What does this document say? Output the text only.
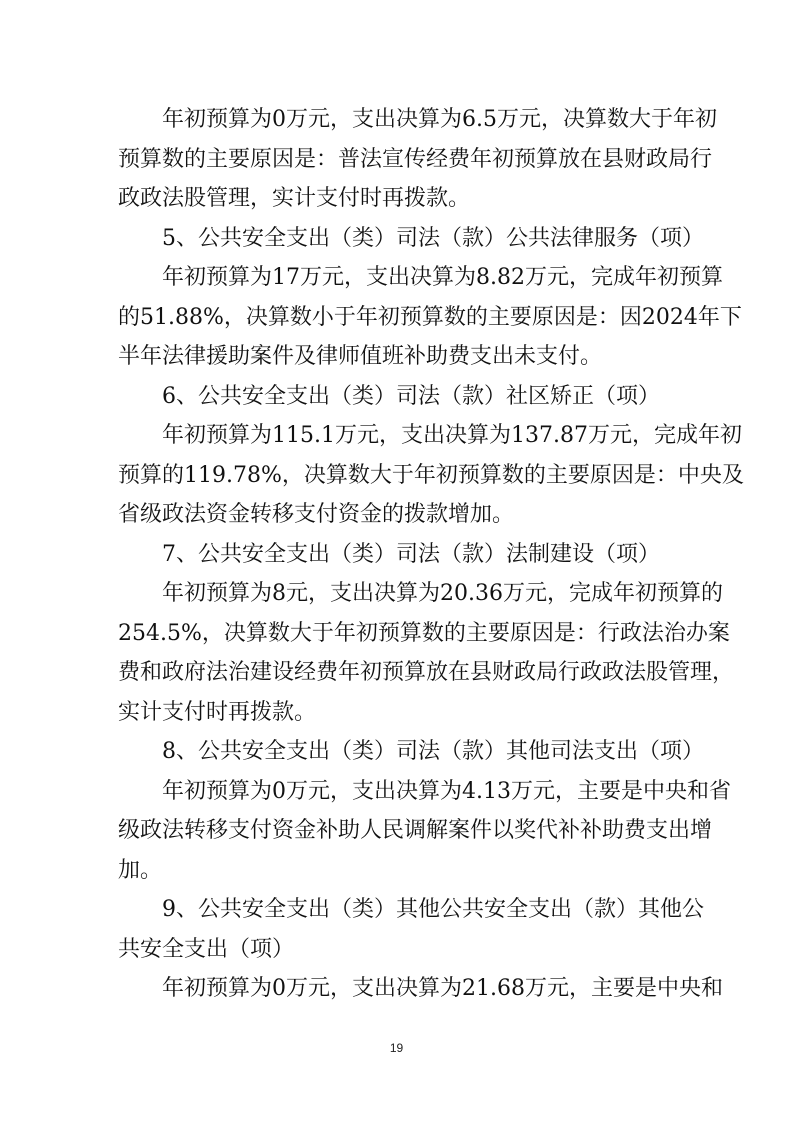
年初预算为0万元，支出决算为6.5万元，决算数大于年初
预算数的主要原因是：普法宣传经费年初预算放在县财政局行
政政法股管理，实计支付时再拨款。
5、公共安全支出（类）司法（款）公共法律服务（项）
年初预算为17万元，支出决算为8.82万元，完成年初预算
的51.88%，决算数小于年初预算数的主要原因是：因2024年下
半年法律援助案件及律师值班补助费支出未支付。
6、公共安全支出（类）司法（款）社区矫正（项）
年初预算为115.1万元，支出决算为137.87万元，完成年初
预算的119.78%，决算数大于年初预算数的主要原因是：中央及
省级政法资金转移支付资金的拨款增加。
7、公共安全支出（类）司法（款）法制建设（项）
年初预算为8元，支出决算为20.36万元，完成年初预算的
254.5%，决算数大于年初预算数的主要原因是：行政法治办案
费和政府法治建设经费年初预算放在县财政局行政政法股管理，
实计支付时再拨款。
8、公共安全支出（类）司法（款）其他司法支出（项）
年初预算为0万元，支出决算为4.13万元，主要是中央和省
级政法转移支付资金补助人民调解案件以奖代补补助费支出增
加。
9、公共安全支出（类）其他公共安全支出（款）其他公
共安全支出（项）
年初预算为0万元，支出决算为21.68万元，主要是中央和
19
